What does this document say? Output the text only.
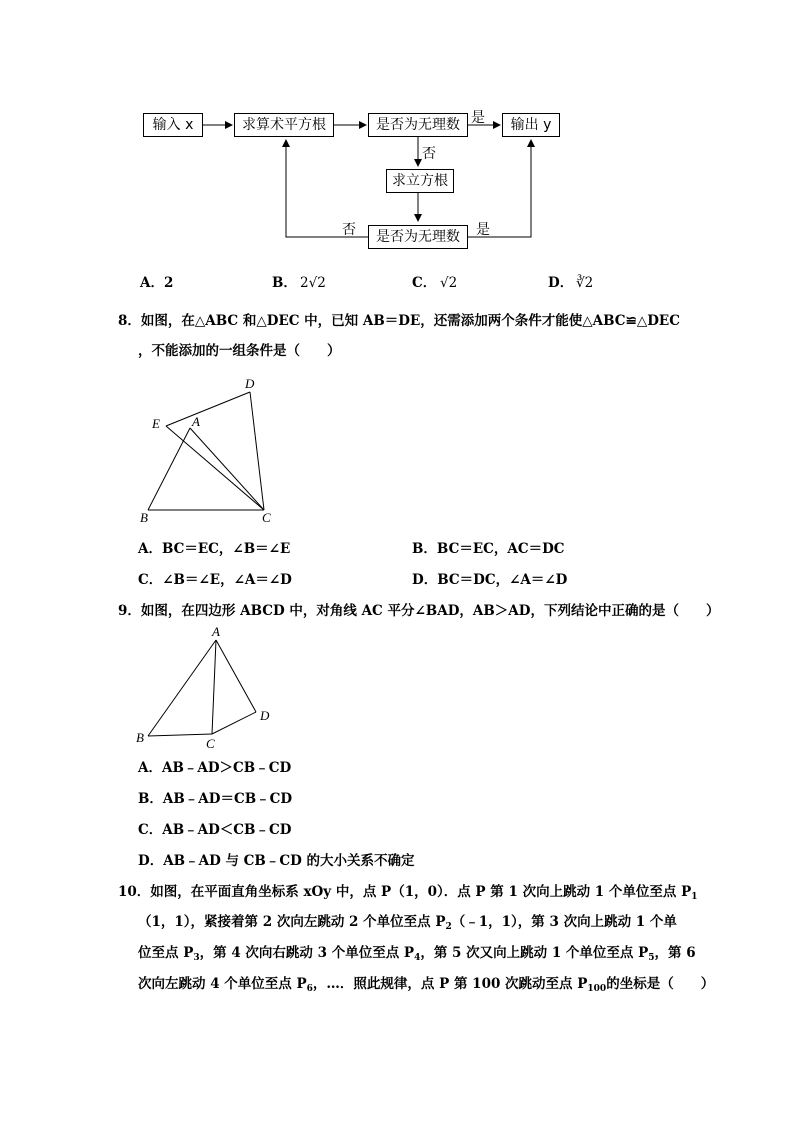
输入 x	求算术平方根	是否为无理数	输出 y
求立方根
是否为无理数
是
否
否	是
A．2	B． 2√2	C． √2	D． ∛2
8．如图，在△ABC 和△DEC 中，已知 AB＝DE，还需添加两个条件才能使△ABC≌△DEC
，不能添加的一组条件是（　　）
D
E A
B	C
A．BC＝EC，∠B＝∠E	B．BC＝EC，AC＝DC
C．∠B＝∠E，∠A＝∠D	D．BC＝DC，∠A＝∠D
9．如图，在四边形 ABCD 中，对角线 AC 平分∠BAD，AB＞AD，下列结论中正确的是（　　）
A
B	C
D
A．AB﹣AD＞CB﹣CD
B．AB﹣AD＝CB﹣CD
C．AB﹣AD＜CB﹣CD
D．AB﹣AD 与 CB﹣CD 的大小关系不确定
10．如图，在平面直角坐标系 xOy 中，点 P（1，0）．点 P 第 1 次向上跳动 1 个单位至点 $P_1$
（1，1），紧接着第 2 次向左跳动 2 个单位至点 $P_2(﹣1$，1），第 3 次向上跳动 1 个单
位至点 $P_3$，第 4 次向右跳动 3 个单位至点 $P_4$，第 5 次又向上跳动 1 个单位至点 $P_5$，第 6
次向左跳动 4 个单位至点 $P_6$，…．照此规律，点 P 第 100 次跳动至点 $P_{100}$的坐标是（　　）
